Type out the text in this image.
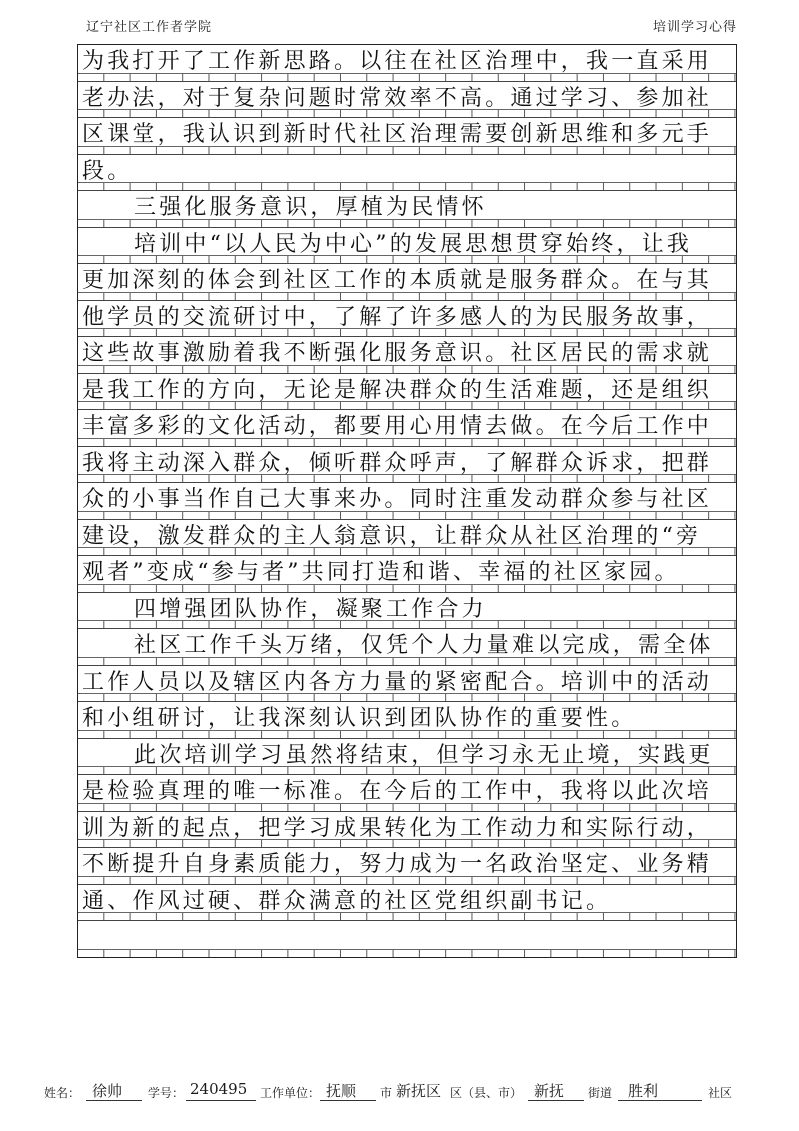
辽宁社区工作者学院	培训学习心得
为我打开了工作新思路。以往在社区治理中，我一直采用
老办法，对于复杂问题时常效率不高。通过学习、参加社
区课堂，我认识到新时代社区治理需要创新思维和多元手
段。
三强化服务意识，厚植为民情怀
培训中“以人民为中心”的发展思想贯穿始终，让我
更加深刻的体会到社区工作的本质就是服务群众。在与其
他学员的交流研讨中，了解了许多感人的为民服务故事，
这些故事激励着我不断强化服务意识。社区居民的需求就
是我工作的方向，无论是解决群众的生活难题，还是组织
丰富多彩的文化活动，都要用心用情去做。在今后工作中
我将主动深入群众，倾听群众呼声，了解群众诉求，把群
众的小事当作自己大事来办。同时注重发动群众参与社区
建设，激发群众的主人翁意识，让群众从社区治理的“旁
观者”变成“参与者”共同打造和谐、幸福的社区家园。
四增强团队协作，凝聚工作合力
社区工作千头万绪，仅凭个人力量难以完成，需全体
工作人员以及辖区内各方力量的紧密配合。培训中的活动
和小组研讨，让我深刻认识到团队协作的重要性。
此次培训学习虽然将结束，但学习永无止境，实践更
是检验真理的唯一标准。在今后的工作中，我将以此次培
训为新的起点，把学习成果转化为工作动力和实际行动，
不断提升自身素质能力，努力成为一名政治坚定、业务精
通、作风过硬、群众满意的社区党组织副书记。
姓名： 徐帅 学号： 240495 工作单位： 抚顺 市 新抚区 区（县、市） 新抚 街道 胜利	社区
